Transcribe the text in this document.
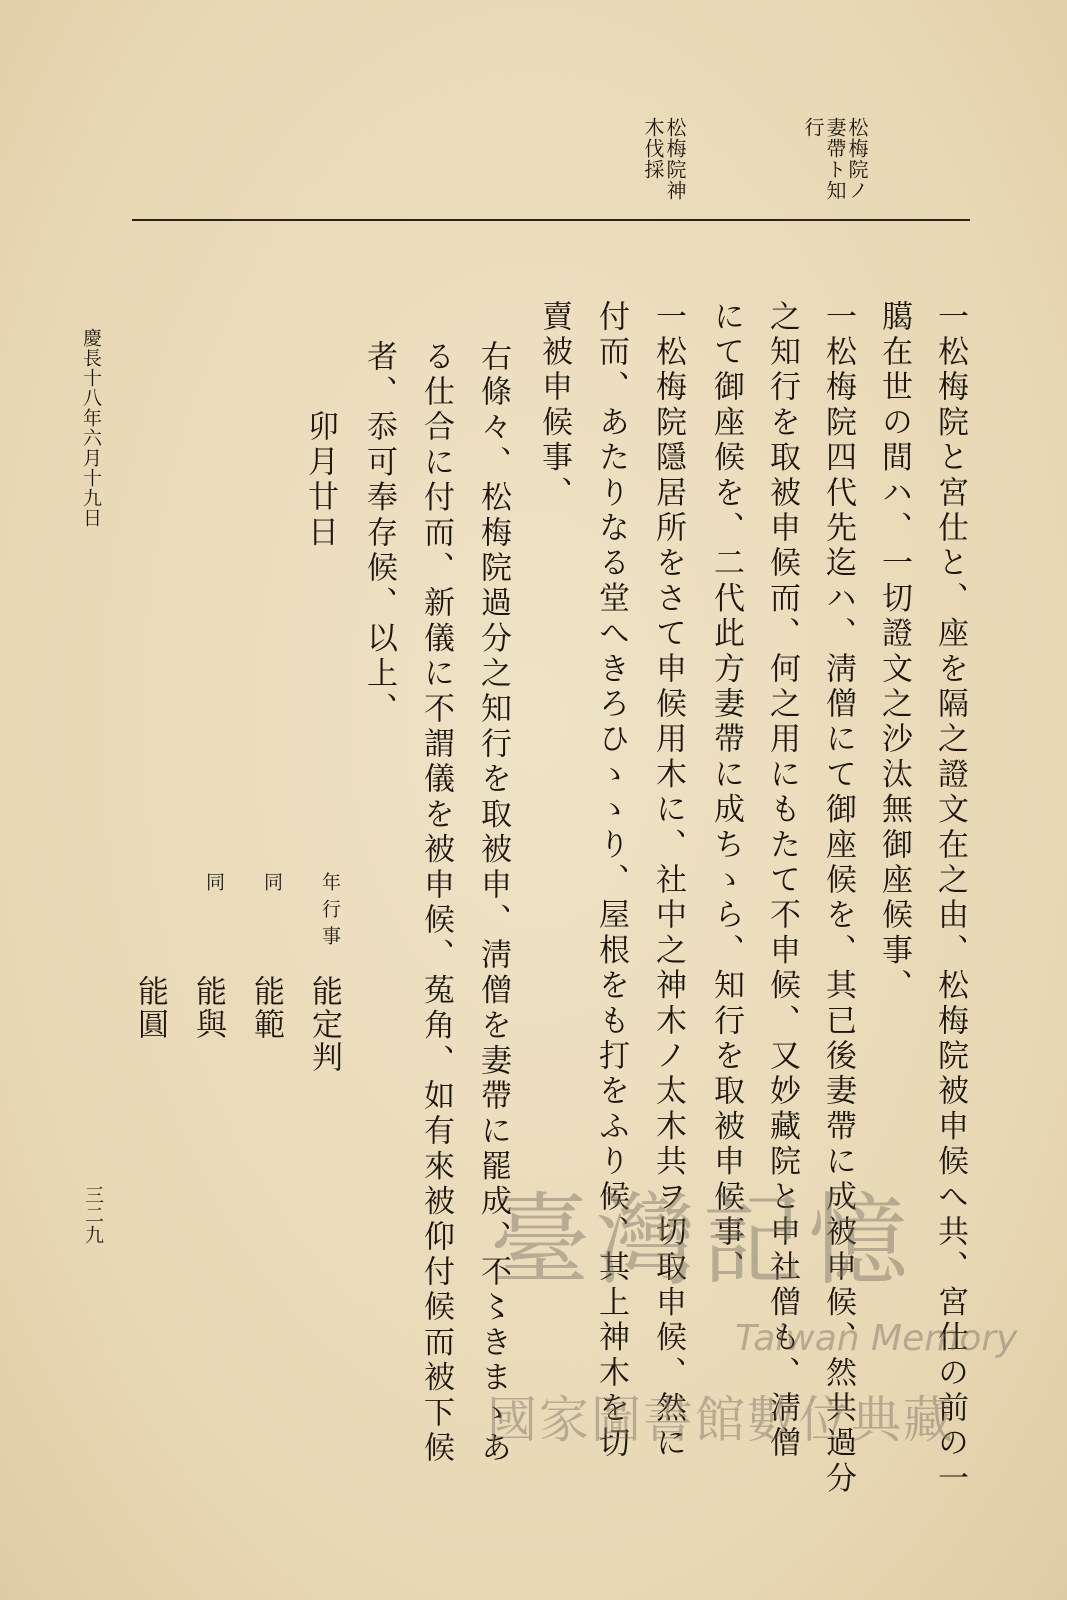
松梅院ノ
妻帶ト知
行
松梅院神
木伐採
一松梅院と宮仕と、座を隔之證文在之由、松梅院被申候へ共、宮仕の前の一
臈在世の間ハ、一切證文之沙汰無御座候事、
一松梅院四代先迄ハ、淸僧にて御座候を、其已後妻帶に成被申候、然共過分
之知行を取被申候而、何之用にもたて不申候、又妙藏院と申社僧も、淸僧
にて御座候を、二代此方妻帶に成ちゝら、知行を取被申候事、
一松梅院隱居所をさて申候用木に、社中之神木ノ太木共ヲ切取申候、然に
付而、あたりなる堂へきろひゝゝり、屋根をも打をふり候、其上神木を切
賣被申候事、
右條々、松梅院過分之知行を取被申、淸僧を妻帶に罷成、不〻きまゝあ
る仕合に付而、新儀に不謂儀を被申候、菟角、如有來被仰付候而被下候
者、忝可奉存候、以上、
卯月廿日
年行事
能定判
同
能範
同
能與
能圓
慶長十八年六月十九日
三二九	臺灣記憶
Taiwan Memory
國家圖書館數位典藏
